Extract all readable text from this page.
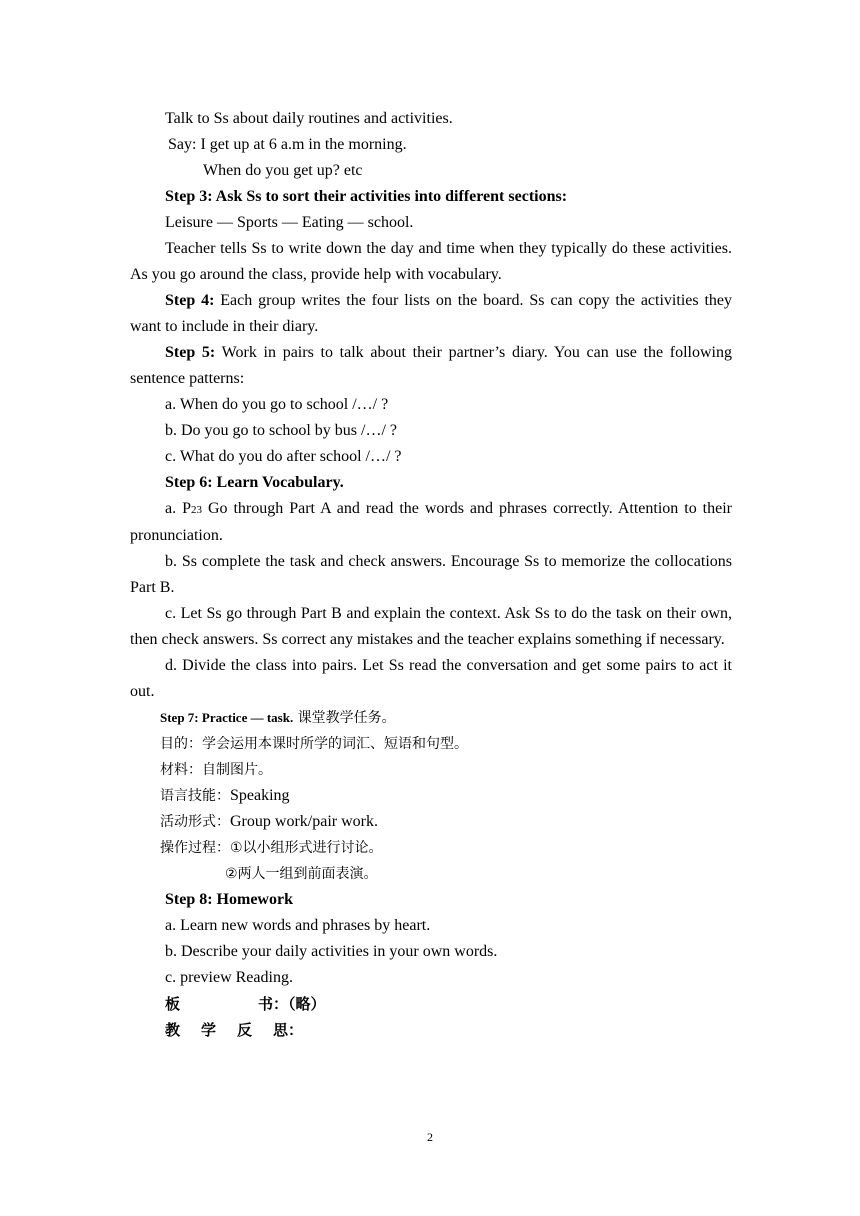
Talk to Ss about daily routines and activities.

Say: I get up at 6 a.m in the morning.

When do you get up? etc

Step 3: Ask Ss to sort their activities into different sections:

Leisure — Sports — Eating — school.

Teacher tells Ss to write down the day and time when they typically do these activities. As you go around the class, provide help with vocabulary.

Step 4: Each group writes the four lists on the board. Ss can copy the activities they want to include in their diary.

Step 5: Work in pairs to talk about their partner’s diary. You can use the following sentence patterns:

a. When do you go to school /…/ ?

b. Do you go to school by bus /…/ ?

c. What do you do after school /…/ ?

Step 6: Learn Vocabulary.

a. P23 Go through Part A and read the words and phrases correctly. Attention to their pronunciation.

b. Ss complete the task and check answers. Encourage Ss to memorize the collocations Part B.

c. Let Ss go through Part B and explain the context. Ask Ss to do the task on their own, then check answers. Ss correct any mistakes and the teacher explains something if necessary.

d. Divide the class into pairs. Let Ss read the conversation and get some pairs to act it out.

Step 7: Practice — task. 课堂教学任务。

目的：学会运用本课时所学的词汇、短语和句型。

材料：自制图片。

语言技能：Speaking

活动形式：Group work/pair work.

操作过程：①以小组形式进行讨论。

②两人一组到前面表演。

Step 8: Homework

a. Learn new words and phrases by heart.

b. Describe your daily activities in your own words.

c. preview Reading.

板	书：（略）
教 学 反 思：
2
